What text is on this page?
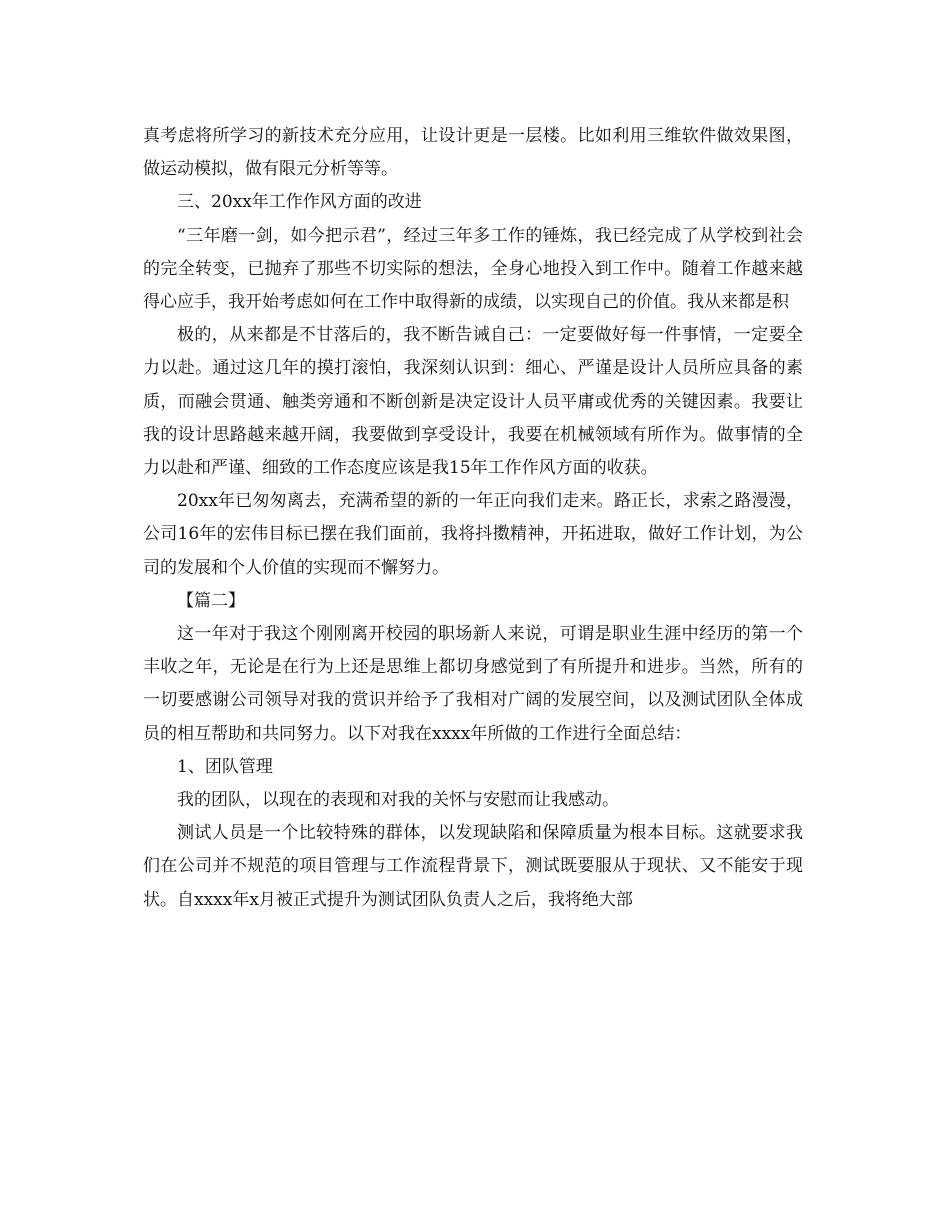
真考虑将所学习的新技术充分应用，让设计更是一层楼。比如利用三维软件做效果图，做运动模拟，做有限元分析等等。

三、20xx年工作作风方面的改进

“三年磨一剑，如今把示君”，经过三年多工作的锤炼，我已经完成了从学校到社会的完全转变，已抛弃了那些不切实际的想法，全身心地投入到工作中。随着工作越来越得心应手，我开始考虑如何在工作中取得新的成绩，以实现自己的价值。我从来都是积

极的，从来都是不甘落后的，我不断告诫自己：一定要做好每一件事情，一定要全力以赴。通过这几年的摸打滚怕，我深刻认识到：细心、严谨是设计人员所应具备的素质，而融会贯通、触类旁通和不断创新是决定设计人员平庸或优秀的关键因素。我要让我的设计思路越来越开阔，我要做到享受设计，我要在机械领域有所作为。做事情的全力以赴和严谨、细致的工作态度应该是我15年工作作风方面的收获。

20xx年已匆匆离去，充满希望的新的一年正向我们走来。路正长，求索之路漫漫，公司16年的宏伟目标已摆在我们面前，我将抖擞精神，开拓进取，做好工作计划，为公司的发展和个人价值的实现而不懈努力。

【篇二】

这一年对于我这个刚刚离开校园的职场新人来说，可谓是职业生涯中经历的第一个丰收之年，无论是在行为上还是思维上都切身感觉到了有所提升和进步。当然，所有的一切要感谢公司领导对我的赏识并给予了我相对广阔的发展空间，以及测试团队全体成员的相互帮助和共同努力。以下对我在xxxx年所做的工作进行全面总结：

1、团队管理

我的团队，以现在的表现和对我的关怀与安慰而让我感动。

测试人员是一个比较特殊的群体，以发现缺陷和保障质量为根本目标。这就要求我们在公司并不规范的项目管理与工作流程背景下，测试既要服从于现状、又不能安于现状。自xxxx年x月被正式提升为测试团队负责人之后，我将绝大部
